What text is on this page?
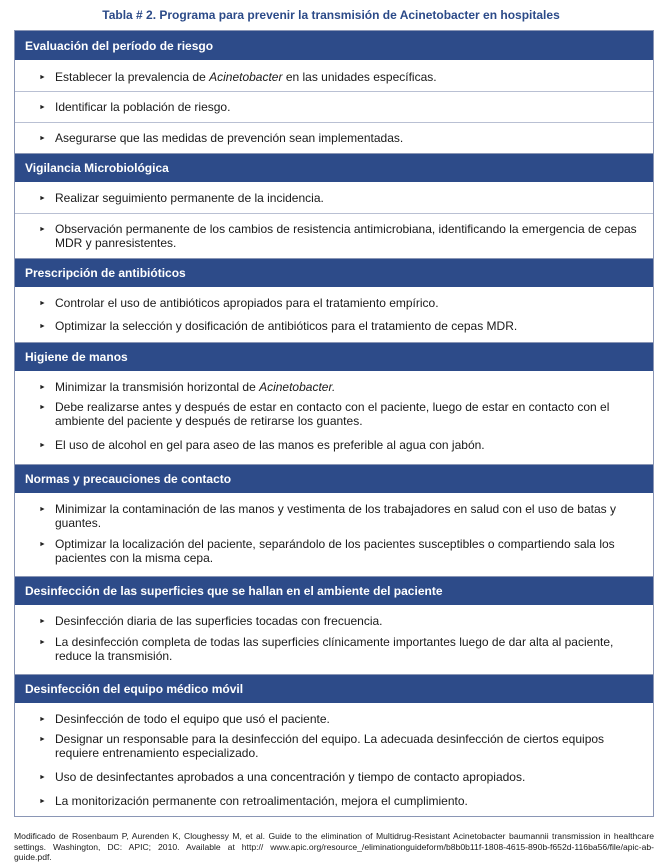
Tabla # 2. Programa para prevenir la transmisión de Acinetobacter en hospitales
Evaluación del período de riesgo
► Establecer la prevalencia de Acinetobacter en las unidades específicas.
► Identificar la población de riesgo.
► Asegurarse que las medidas de prevención sean implementadas.
Vigilancia Microbiológica
► Realizar seguimiento permanente de la incidencia.
► Observación permanente de los cambios de resistencia antimicrobiana, identificando la emergencia de cepas MDR y panresistentes.
Prescripción de antibióticos
► Controlar el uso de antibióticos apropiados para el tratamiento empírico.
► Optimizar la selección y dosificación de antibióticos para el tratamiento de cepas MDR.
Higiene de manos
► Minimizar la transmisión horizontal de Acinetobacter.
► Debe realizarse antes y después de estar en contacto con el paciente, luego de estar en contacto con el ambiente del paciente y después de retirarse los guantes.
► El uso de alcohol en gel para aseo de las manos es preferible al agua con jabón.
Normas y precauciones de contacto
► Minimizar la contaminación de las manos y vestimenta de los trabajadores en salud con el uso de batas y guantes.
► Optimizar la localización del paciente, separándolo de los pacientes susceptibles o compartiendo sala los pacientes con la misma cepa.
Desinfección de las superficies que se hallan en el ambiente del paciente
► Desinfección diaria de las superficies tocadas con frecuencia.
► La desinfección completa de todas las superficies clínicamente importantes luego de dar alta al paciente, reduce la transmisión.
Desinfección del equipo médico móvil
► Desinfección de todo el equipo que usó el paciente.
► Designar un responsable para la desinfección del equipo. La adecuada desinfección de ciertos equipos requiere entrenamiento especializado.
► Uso de desinfectantes aprobados a una concentración y tiempo de contacto apropiados.
► La monitorización permanente con retroalimentación, mejora el cumplimiento.
Modificado de Rosenbaum P, Aurenden K, Cloughessy M, et al. Guide to the elimination of Multidrug-Resistant Acinetobacter baumannii transmission in healthcare settings. Washington, DC: APIC; 2010. Available at http:// www.apic.org/resource_/eliminationguideform/b8b0b11f-1808-4615-890b-f652d-116ba56/file/apic-ab-guide.pdf.
